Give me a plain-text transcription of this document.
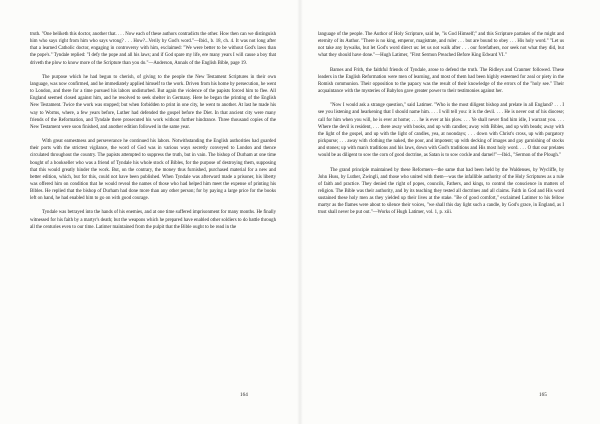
truth. "One beliketh this doctor, another that. . . . Now each of these authors contradicts the other. How then can we distinguish him who says right from him who says wrong? . . . How?...Verily by God's word."—Ibid., b. 18, ch. 4. It was not long after that a learned Catholic doctor, engaging in controversy with him, exclaimed: "We were better to be without God's laws than the pope's." Tyndale replied: "I defy the pope and all his laws; and if God spare my life, ere many years I will cause a boy that driveth the plow to know more of the Scripture than you do."—Anderson, Annals of the English Bible, page 19.

The purpose which he had begun to cherish, of giving to the people the New Testament Scriptures in their own language, was now confirmed, and he immediately applied himself to the work. Driven from his home by persecution, he went to London, and there for a time pursued his labors undisturbed. But again the violence of the papists forced him to flee. All England seemed closed against him, and he resolved to seek shelter in Germany. Here he began the printing of the English New Testament. Twice the work was stopped; but when forbidden to print in one city, he went to another. At last he made his way to Worms, where, a few years before, Luther had defended the gospel before the Diet. In that ancient city were many friends of the Reformation, and Tyndale there prosecuted his work without further hindrance. Three thousand copies of the New Testament were soon finished, and another edition followed in the same year.

With great earnestness and perseverance he continued his labors. Notwithstanding the English authorities had guarded their ports with the strictest vigilance, the word of God was in various ways secretly conveyed to London and thence circulated throughout the country. The papists attempted to suppress the truth, but in vain. The bishop of Durham at one time bought of a bookseller who was a friend of Tyndale his whole stock of Bibles, for the purpose of destroying them, supposing that this would greatly hinder the work. But, on the contrary, the money thus furnished, purchased material for a new and better edition, which, but for this, could not have been published. When Tyndale was afterward made a prisoner, his liberty was offered him on condition that he would reveal the names of those who had helped him meet the expense of printing his Bibles. He replied that the bishop of Durham had done more than any other person; for by paying a large price for the books left on hand, he had enabled him to go on with good courage.

Tyndale was betrayed into the hands of his enemies, and at one time suffered imprisonment for many months. He finally witnessed for his faith by a martyr's death; but the weapons which he prepared have enabled other soldiers to do battle through all the centuries even to our time. Latimer maintained from the pulpit that the Bible ought to be read in the

language of the people. The Author of Holy Scripture, said he, "is God Himself;" and this Scripture partakes of the might and eternity of its Author. "There is no king, emperor, magistrate, and ruler . . . but are bound to obey . . . His holy word." "Let us not take any bywalks, but let God's word direct us: let us not walk after . . . our forefathers, nor seek not what they did, but what they should have done."—Hugh Latimer, "First Sermon Preached Before King Edward VI."

Barnes and Frith, the faithful friends of Tyndale, arose to defend the truth. The Ridleys and Cranmer followed. These leaders in the English Reformation were men of learning, and most of them had been highly esteemed for zeal or piety in the Romish communion. Their opposition to the papacy was the result of their knowledge of the errors of the "holy see." Their acquaintance with the mysteries of Babylon gave greater power to their testimonies against her.

"Now I would ask a strange question," said Latimer. "Who is the most diligent bishop and prelate in all England? . . . I see you listening and hearkening that I should name him. . . . I will tell you: it is the devil. . . . He is never out of his diocese; call for him when you will, he is ever at home; . . . he is ever at his plow. . . . Ye shall never find him idle, I warrant you. . . . Where the devil is resident, . . . there away with books, and up with candles; away with Bibles, and up with beads; away with the light of the gospel, and up with the light of candles, yea, at noondays; . . . down with Christ's cross, up with purgatory pickpurse; . . . away with clothing the naked, the poor, and impotent; up with decking of images and gay garnishing of stocks and stones; up with man's traditions and his laws, down with God's traditions and His most holy word. . . . O that our prelates would be as diligent to sow the corn of good doctrine, as Satan is to sow cockle and darnel!"—Ibid., "Sermon of the Plough."

The grand principle maintained by these Reformers—the same that had been held by the Waldenses, by Wycliffe, by John Huss, by Luther, Zwingli, and those who united with them—was the infallible authority of the Holy Scriptures as a rule of faith and practice. They denied the right of popes, councils, Fathers, and kings, to control the conscience in matters of religion. The Bible was their authority, and by its teaching they tested all doctrines and all claims. Faith in God and His word sustained these holy men as they yielded up their lives at the stake. "Be of good comfort," exclaimed Latimer to his fellow martyr as the flames were about to silence their voices, "we shall this day light such a candle, by God's grace, in England, as I trust shall never be put out."—Works of Hugh Latimer, vol. 1, p. xiii.

164	165
